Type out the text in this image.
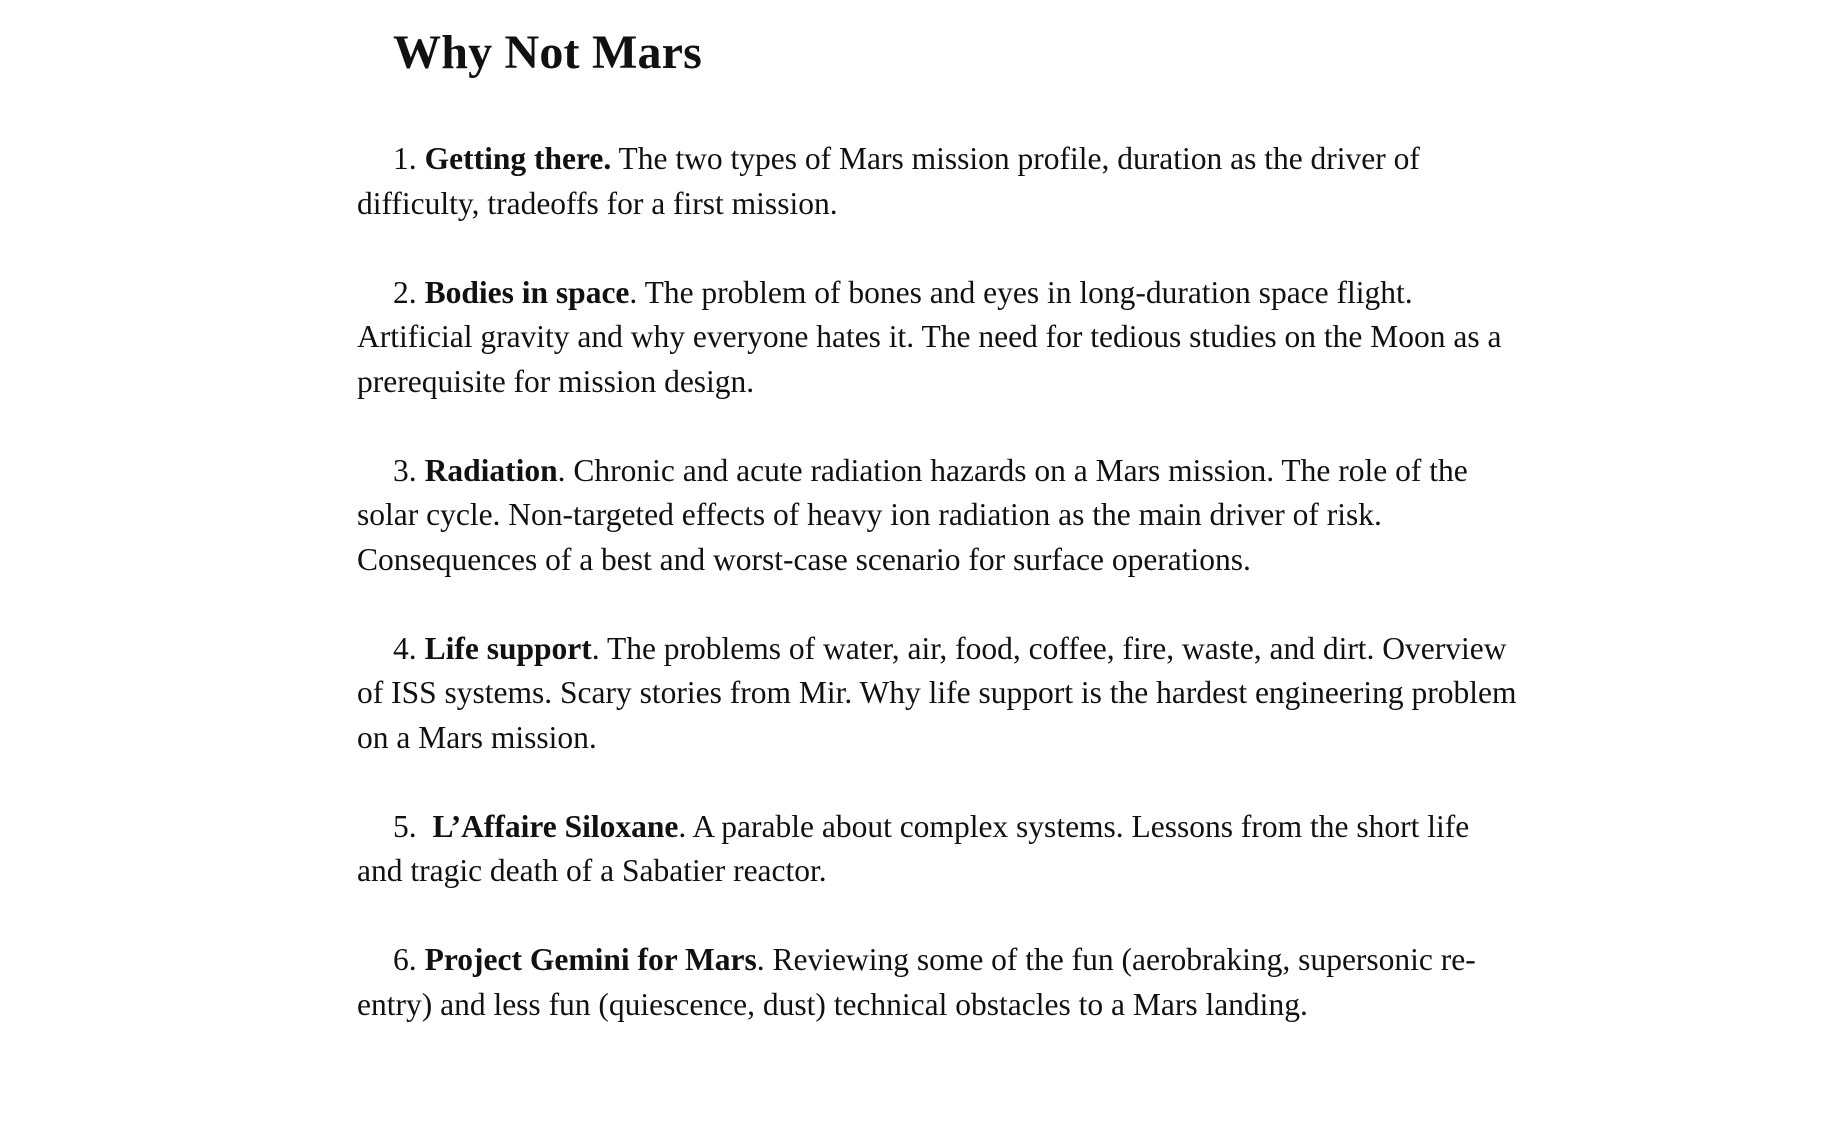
Why Not Mars

1. Getting there. The two types of Mars mission profile, duration as the driver of difficulty, tradeoffs for a first mission.

2. Bodies in space. The problem of bones and eyes in long-duration space flight. Artificial gravity and why everyone hates it. The need for tedious studies on the Moon as a prerequisite for mission design.

3. Radiation. Chronic and acute radiation hazards on a Mars mission. The role of the solar cycle. Non-targeted effects of heavy ion radiation as the main driver of risk. Consequences of a best and worst-case scenario for surface operations.

4. Life support. The problems of water, air, food, coffee, fire, waste, and dirt. Overview of ISS systems. Scary stories from Mir. Why life support is the hardest engineering problem on a Mars mission.

5. L’Affaire Siloxane. A parable about complex systems. Lessons from the short life and tragic death of a Sabatier reactor.

6. Project Gemini for Mars. Reviewing some of the fun (aerobraking, supersonic re-entry) and less fun (quiescence, dust) technical obstacles to a Mars landing.
